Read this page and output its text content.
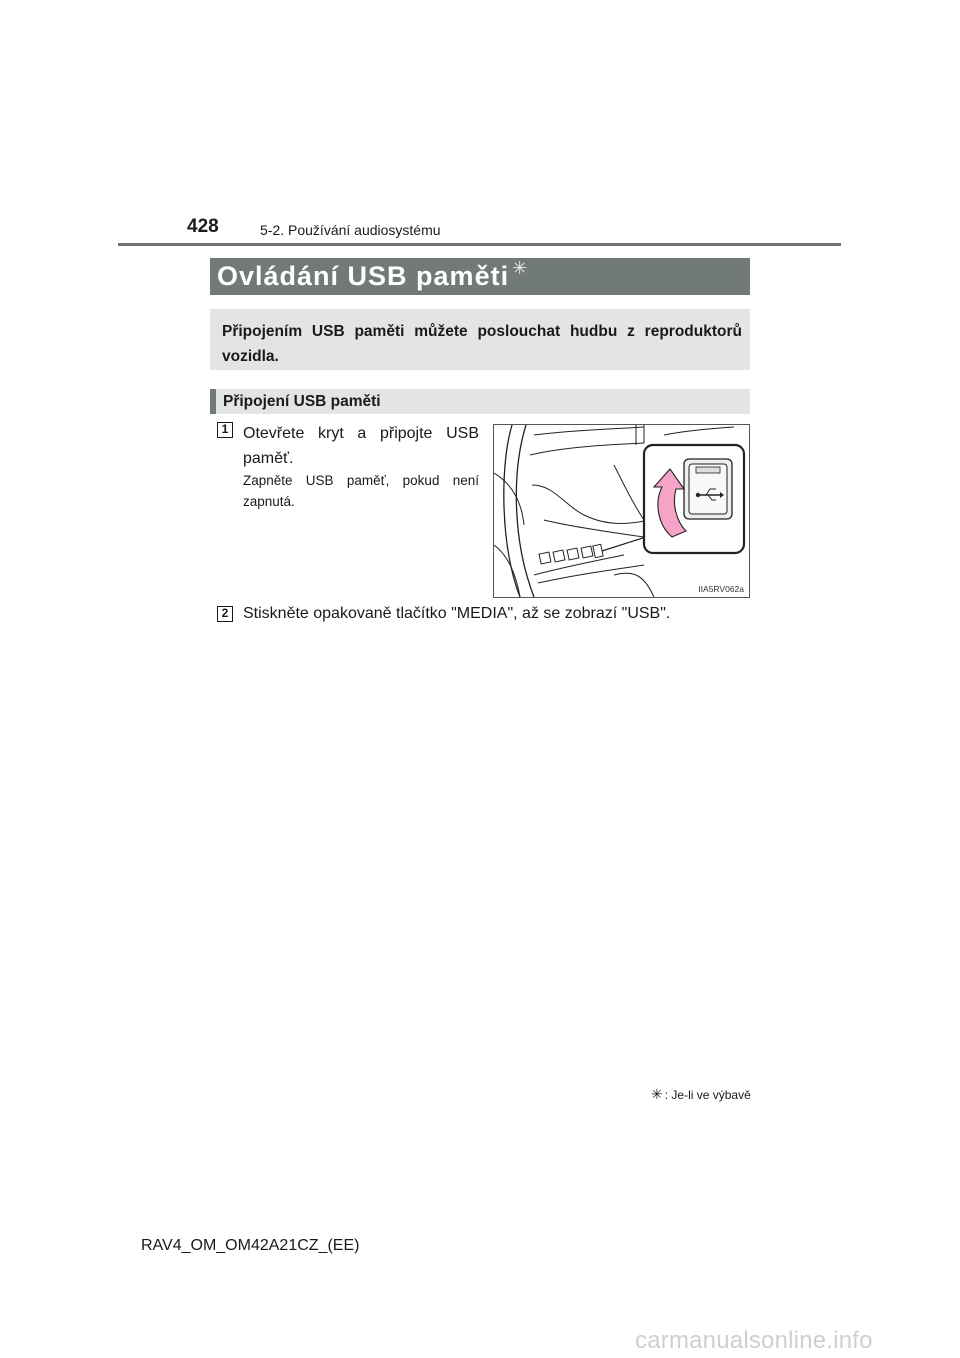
428	5-2. Používání audiosystému
Ovládání USB paměti ✳
Připojením USB paměti můžete poslouchat hudbu z reproduktorů vozidla.
Připojení USB paměti
1 Otevřete kryt a připojte USB paměť.
Zapněte USB paměť, pokud není zapnutá.
IIA5RV062a
2 Stiskněte opakovaně tlačítko "MEDIA", až se zobrazí "USB".
✳ : Je-li ve výbavě
RAV4_OM_OM42A21CZ_(EE)
carmanualsonline.info
